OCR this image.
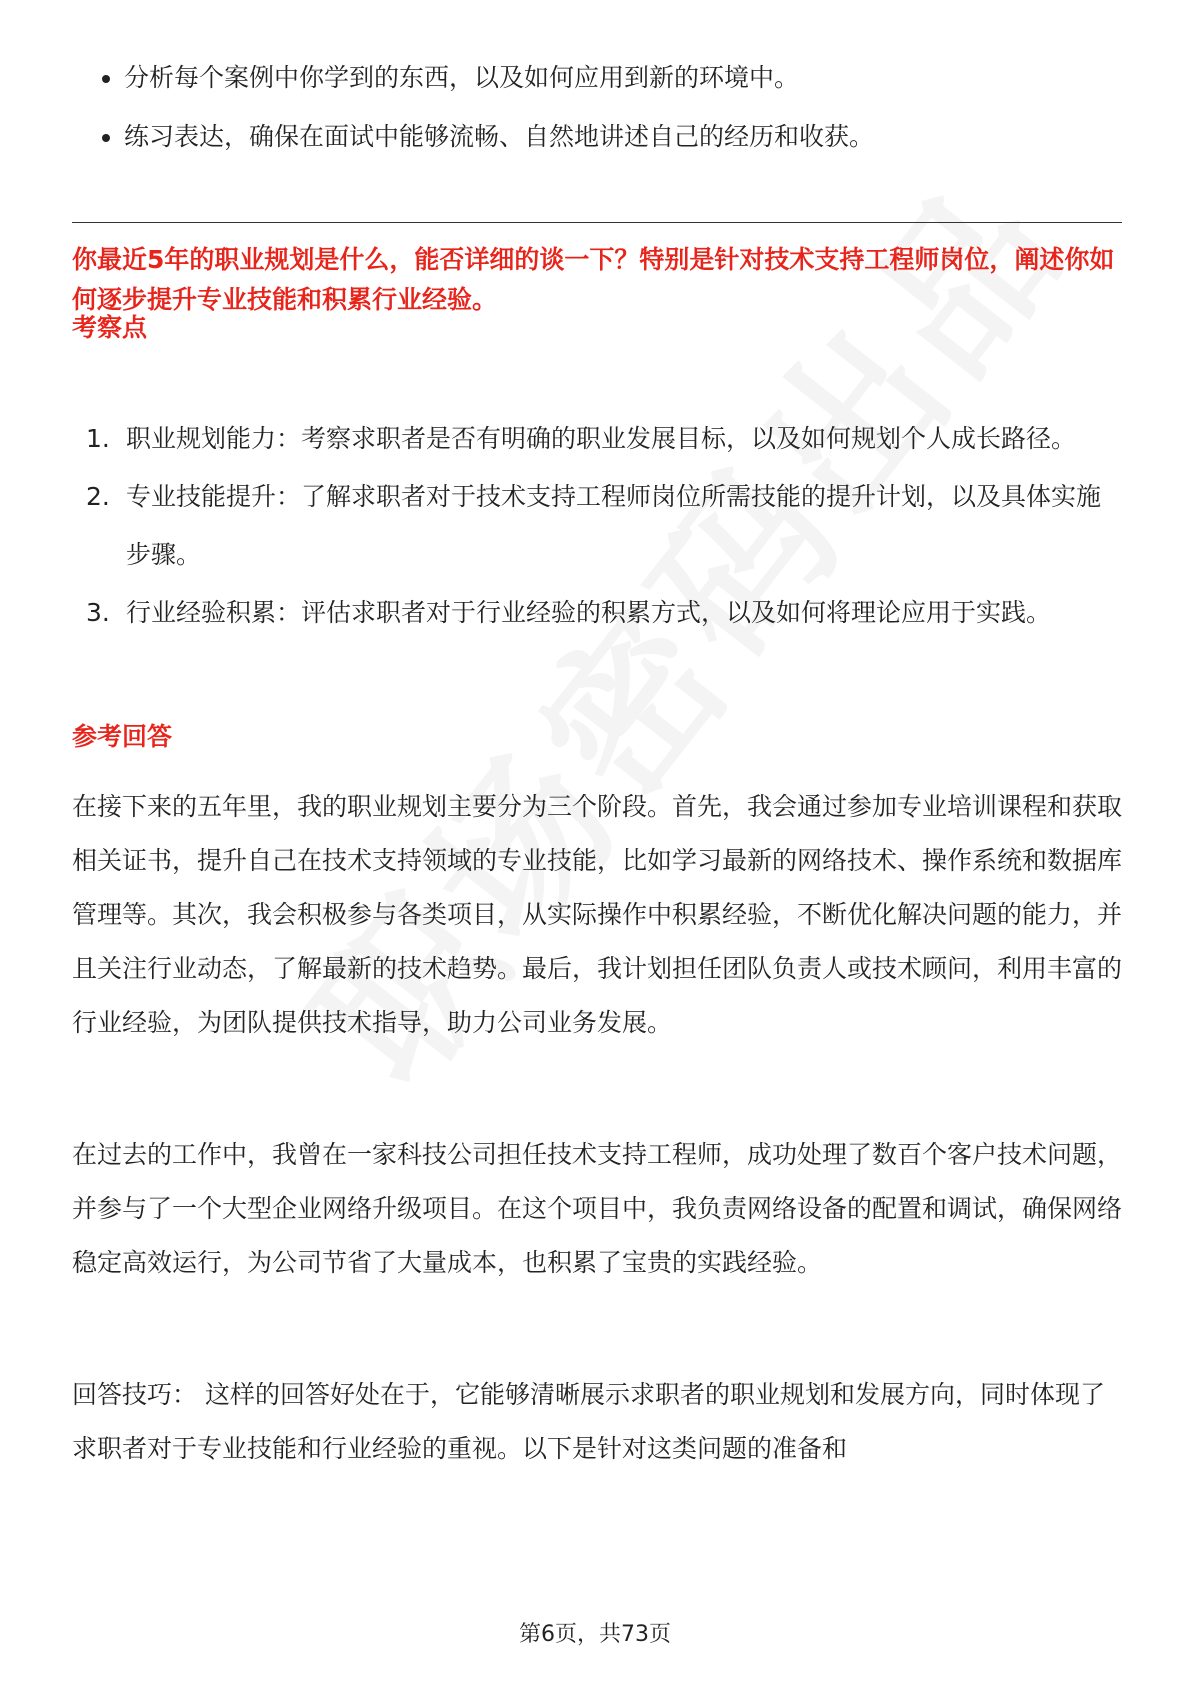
分析每个案例中你学到的东西，以及如何应用到新的环境中。
练习表达，确保在面试中能够流畅、自然地讲述自己的经历和收获。

你最近5年的职业规划是什么，能否详细的谈一下？特别是针对技术支持工程师岗位，阐述你如何逐步提升专业技能和积累行业经验。

考察点
1. 职业规划能力：考察求职者是否有明确的职业发展目标，以及如何规划个人成长路径。
2. 专业技能提升：了解求职者对于技术支持工程师岗位所需技能的提升计划，以及具体实施步骤。
3. 行业经验积累：评估求职者对于行业经验的积累方式，以及如何将理论应用于实践。
参考回答

在接下来的五年里，我的职业规划主要分为三个阶段。首先，我会通过参加专业培训课程和获取相关证书，提升自己在技术支持领域的专业技能，比如学习最新的网络技术、操作系统和数据库管理等。其次，我会积极参与各类项目，从实际操作中积累经验，不断优化解决问题的能力，并且关注行业动态，了解最新的技术趋势。最后，我计划担任团队负责人或技术顾问，利用丰富的行业经验，为团队提供技术指导，助力公司业务发展。

在过去的工作中，我曾在一家科技公司担任技术支持工程师，成功处理了数百个客户技术问题，并参与了一个大型企业网络升级项目。在这个项目中，我负责网络设备的配置和调试，确保网络稳定高效运行，为公司节省了大量成本，也积累了宝贵的实践经验。

回答技巧： 这样的回答好处在于，它能够清晰展示求职者的职业规划和发展方向，同时体现了求职者对于专业技能和行业经验的重视。以下是针对这类问题的准备和

第6页，共73页
